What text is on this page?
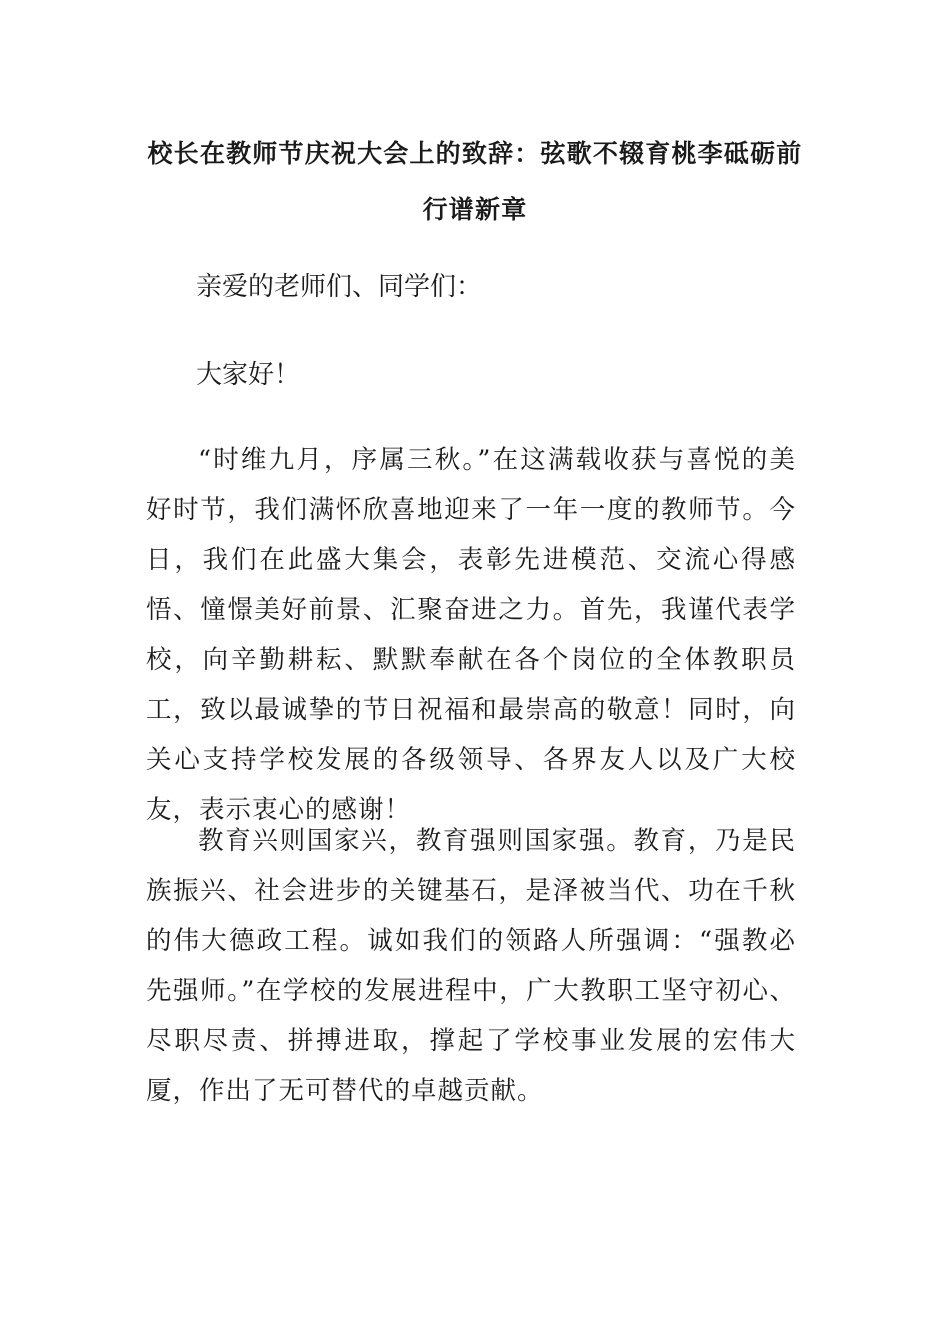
校长在教师节庆祝大会上的致辞：弦歌不辍育桃李砥砺前行谱新章
亲爱的老师们、同学们：
大家好！

“时维九月，序属三秋。”在这满载收获与喜悦的美好时节，我们满怀欣喜地迎来了一年一度的教师节。今日，我们在此盛大集会，表彰先进模范、交流心得感悟、憧憬美好前景、汇聚奋进之力。首先，我谨代表学校，向辛勤耕耘、默默奉献在各个岗位的全体教职员工，致以最诚挚的节日祝福和最崇高的敬意！同时，向关心支持学校发展的各级领导、各界友人以及广大校友，表示衷心的感谢！

教育兴则国家兴，教育强则国家强。教育，乃是民族振兴、社会进步的关键基石，是泽被当代、功在千秋的伟大德政工程。诚如我们的领路人所强调：“强教必先强师。”在学校的发展进程中，广大教职工坚守初心、尽职尽责、拼搏进取，撑起了学校事业发展的宏伟大厦，作出了无可替代的卓越贡献。
